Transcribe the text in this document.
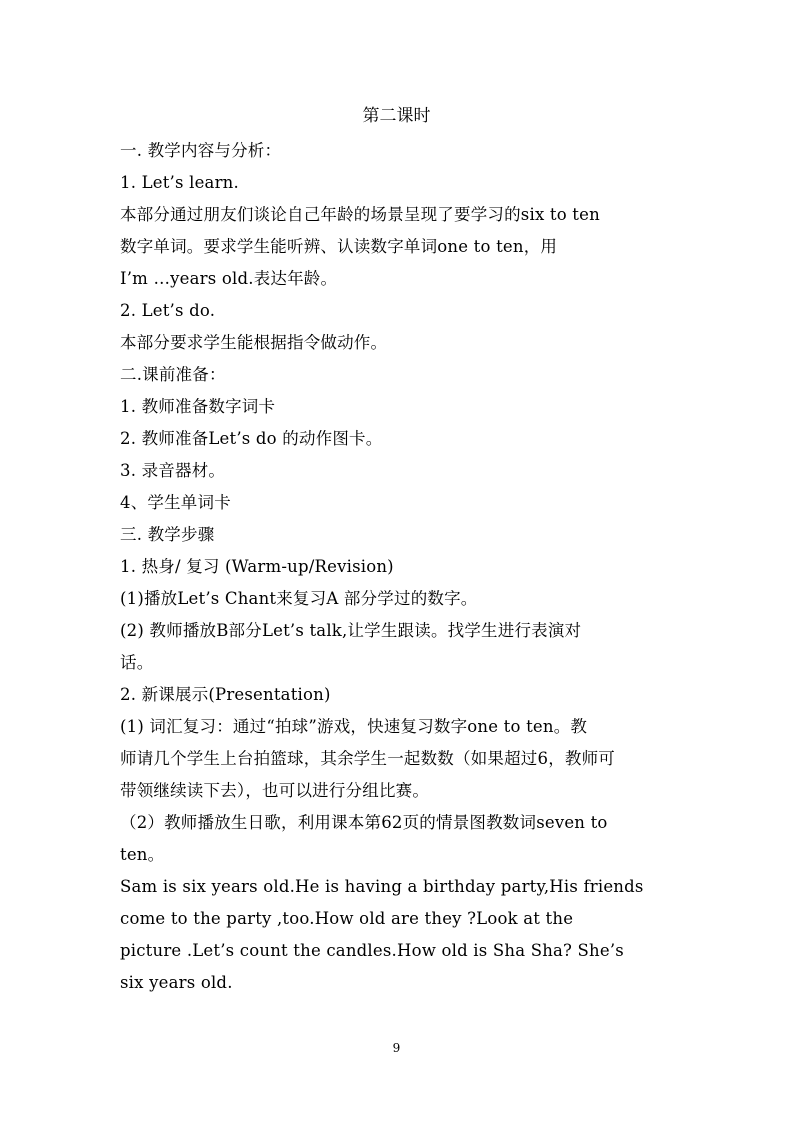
第二课时
一. 教学内容与分析：
1. Let’s learn.
本部分通过朋友们谈论自己年龄的场景呈现了要学习的six to ten
数字单词。要求学生能听辨、认读数字单词one to ten，用
I’m …years old.表达年龄。
2. Let’s do.
本部分要求学生能根据指令做动作。
二.课前准备：
1. 教师准备数字词卡
2. 教师准备Let’s do 的动作图卡。
3. 录音器材。
4、学生单词卡
三. 教学步骤
1. 热身/ 复习 (Warm-up/Revision)
(1)播放Let’s Chant来复习A 部分学过的数字。
(2) 教师播放B部分Let’s talk,让学生跟读。找学生进行表演对
话。
2. 新课展示(Presentation)
(1) 词汇复习：通过“拍球”游戏，快速复习数字one to ten。教
师请几个学生上台拍篮球，其余学生一起数数（如果超过6，教师可
带领继续读下去），也可以进行分组比赛。
（2）教师播放生日歌，利用课本第62页的情景图教数词seven to
ten。
Sam is six years old.He is having a birthday party,His friends
come to the party ,too.How old are they ?Look at the
picture .Let’s count the candles.How old is Sha Sha? She’s
six years old.
9
